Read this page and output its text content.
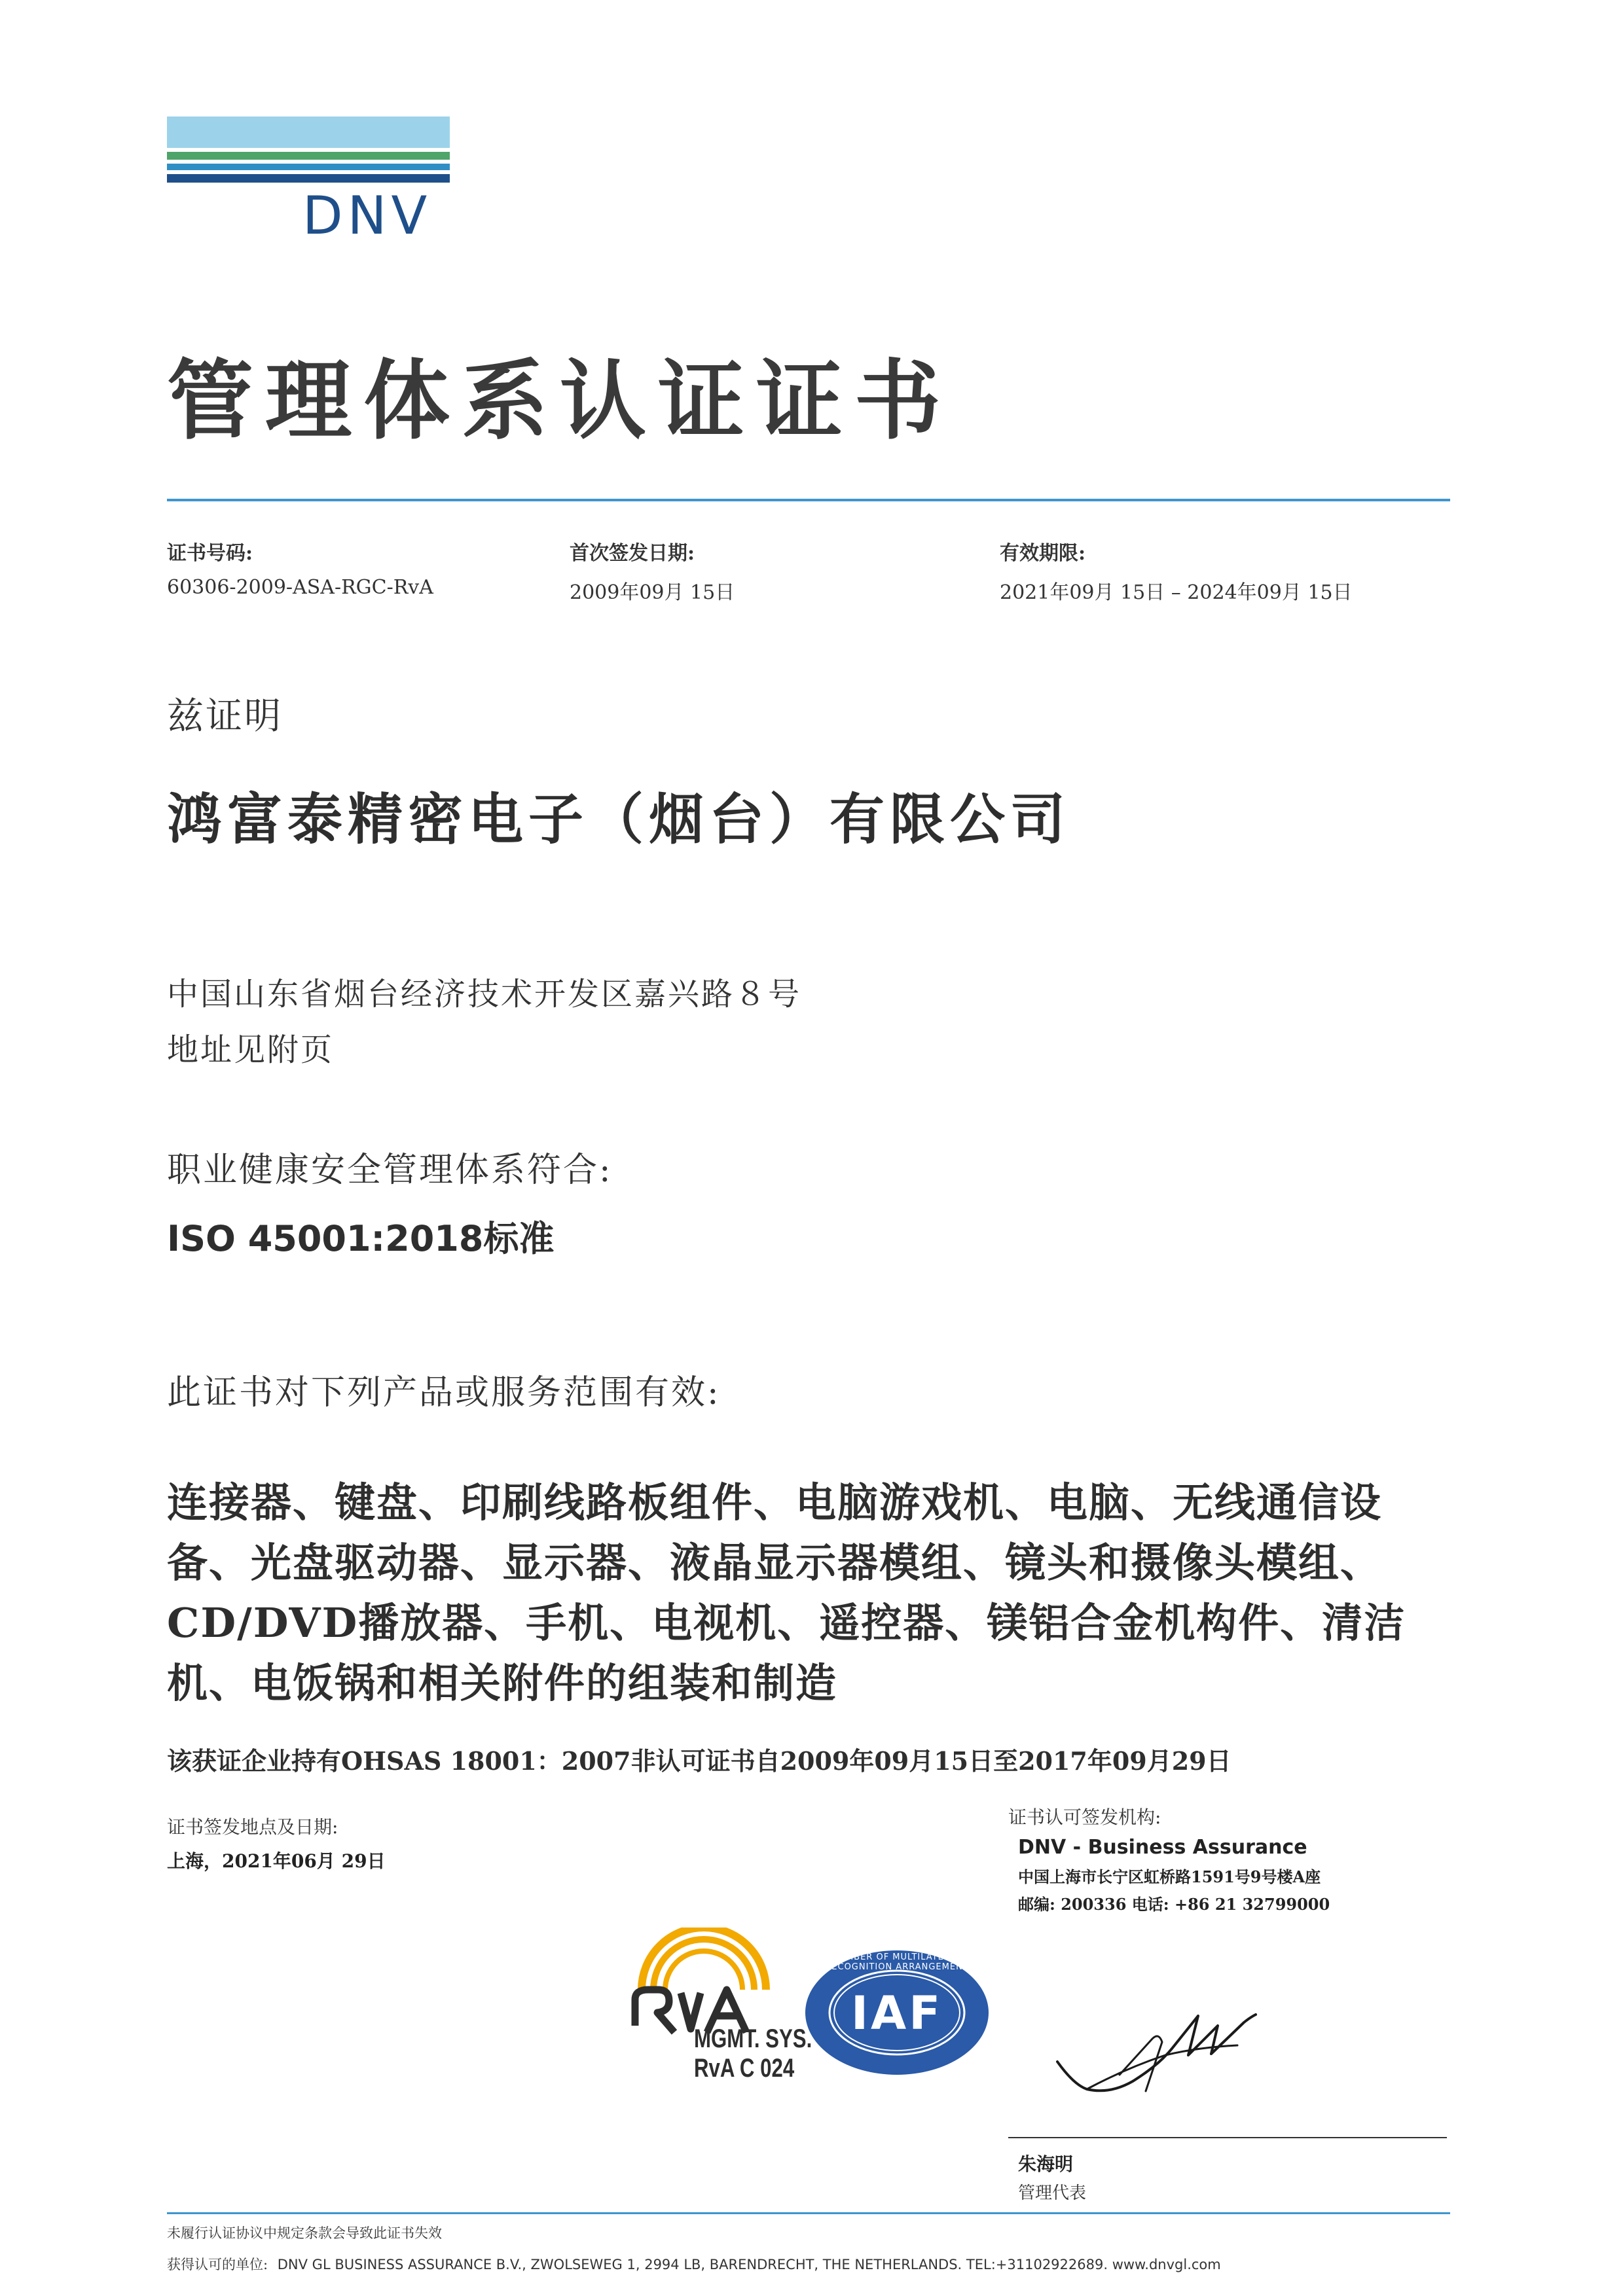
DNV
管理体系认证证书
证书号码:
60306-2009-ASA-RGC-RvA
首次签发日期:
2009年09月 15日
有效期限:
2021年09月 15日 – 2024年09月 15日
兹证明
鸿富泰精密电子（烟台）有限公司
中国山东省烟台经济技术开发区嘉兴路８号
地址见附页
职业健康安全管理体系符合:
ISO 45001:2018标准
此证书对下列产品或服务范围有效:
连接器、键盘、印刷线路板组件、电脑游戏机、电脑、无线通信设备、光盘驱动器、显示器、液晶显示器模组、镜头和摄像头模组、CD/DVD播放器、手机、电视机、遥控器、镁铝合金机构件、清洁机、电饭锅和相关附件的组装和制造
该获证企业持有OHSAS 18001：2007非认可证书自2009年09月15日至2017年09月29日
证书签发地点及日期:
上海，2021年06月 29日
证书认可签发机构:
DNV - Business Assurance
中国上海市长宁区虹桥路1591号9号楼A座
邮编: 200336 电话: +86 21 32799000
MGMT. SYS.
RvA C 024
IAF
MEMBER OF MULTILATERAL RECOGNITION ARRANGEMENT
朱海明
管理代表
未履行认证协议中规定条款会导致此证书失效
获得认可的单位: DNV GL BUSINESS ASSURANCE B.V., ZWOLSEWEG 1, 2994 LB, BARENDRECHT, THE NETHERLANDS. TEL:+31102922689. www.dnvgl.com
